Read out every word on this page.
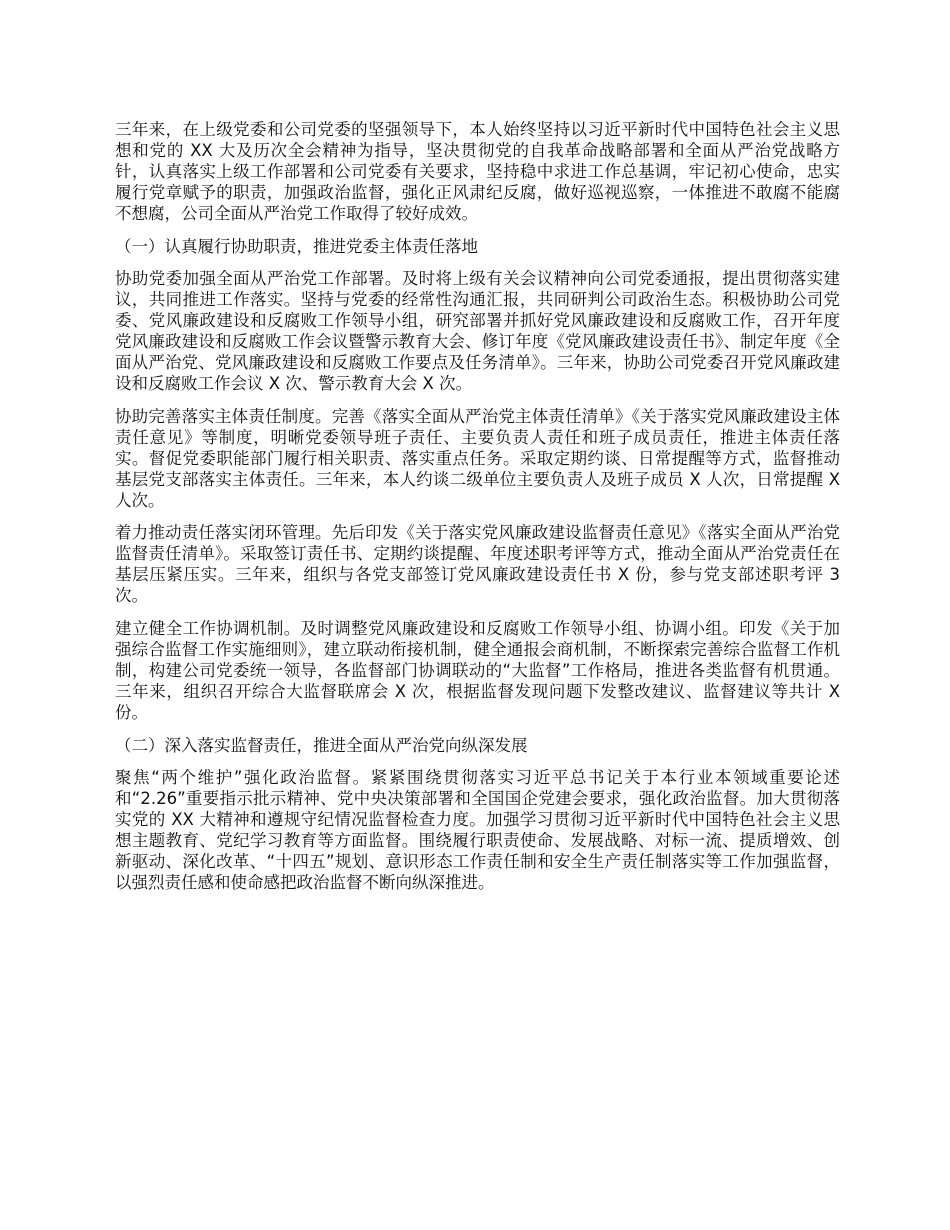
三年来，在上级党委和公司党委的坚强领导下，本人始终坚持以习近平新时代中国特色社会主义思想和党的 XX 大及历次全会精神为指导，坚决贯彻党的自我革命战略部署和全面从严治党战略方针，认真落实上级工作部署和公司党委有关要求，坚持稳中求进工作总基调，牢记初心使命，忠实履行党章赋予的职责，加强政治监督，强化正风肃纪反腐，做好巡视巡察，一体推进不敢腐不能腐不想腐，公司全面从严治党工作取得了较好成效。

（一）认真履行协助职责，推进党委主体责任落地

协助党委加强全面从严治党工作部署。及时将上级有关会议精神向公司党委通报，提出贯彻落实建议，共同推进工作落实。坚持与党委的经常性沟通汇报，共同研判公司政治生态。积极协助公司党委、党风廉政建设和反腐败工作领导小组，研究部署并抓好党风廉政建设和反腐败工作，召开年度党风廉政建设和反腐败工作会议暨警示教育大会、修订年度《党风廉政建设责任书》、制定年度《全面从严治党、党风廉政建设和反腐败工作要点及任务清单》。三年来，协助公司党委召开党风廉政建设和反腐败工作会议 X 次、警示教育大会 X 次。

协助完善落实主体责任制度。完善《落实全面从严治党主体责任清单》《关于落实党风廉政建设主体责任意见》等制度，明晰党委领导班子责任、主要负责人责任和班子成员责任，推进主体责任落实。督促党委职能部门履行相关职责、落实重点任务。采取定期约谈、日常提醒等方式，监督推动基层党支部落实主体责任。三年来，本人约谈二级单位主要负责人及班子成员 X 人次，日常提醒 X 人次。

着力推动责任落实闭环管理。先后印发《关于落实党风廉政建设监督责任意见》《落实全面从严治党监督责任清单》。采取签订责任书、定期约谈提醒、年度述职考评等方式，推动全面从严治党责任在基层压紧压实。三年来，组织与各党支部签订党风廉政建设责任书 X 份，参与党支部述职考评 3 次。

建立健全工作协调机制。及时调整党风廉政建设和反腐败工作领导小组、协调小组。印发《关于加强综合监督工作实施细则》，建立联动衔接机制，健全通报会商机制，不断探索完善综合监督工作机制，构建公司党委统一领导，各监督部门协调联动的“大监督”工作格局，推进各类监督有机贯通。三年来，组织召开综合大监督联席会 X 次，根据监督发现问题下发整改建议、监督建议等共计 X 份。

（二）深入落实监督责任，推进全面从严治党向纵深发展

聚焦“两个维护”强化政治监督。紧紧围绕贯彻落实习近平总书记关于本行业本领域重要论述和“2.26”重要指示批示精神、党中央决策部署和全国国企党建会要求，强化政治监督。加大贯彻落实党的 XX 大精神和遵规守纪情况监督检查力度。加强学习贯彻习近平新时代中国特色社会主义思想主题教育、党纪学习教育等方面监督。围绕履行职责使命、发展战略、对标一流、提质增效、创新驱动、深化改革、“十四五”规划、意识形态工作责任制和安全生产责任制落实等工作加强监督，以强烈责任感和使命感把政治监督不断向纵深推进。
